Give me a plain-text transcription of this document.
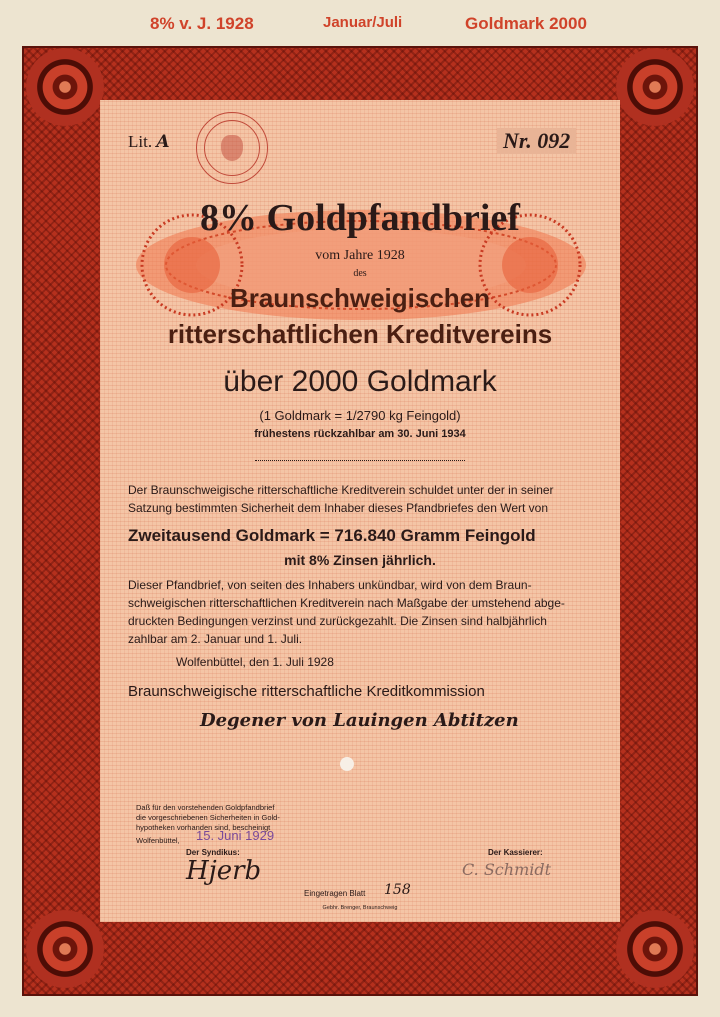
8% v. J. 1928	Januar/Juli	Goldmark 2000
Lit. A	Nr. 092
8% Goldpfandbrief
vom Jahre 1928
des
Braunschweigischen
ritterschaftlichen Kreditvereins
über 2000 Goldmark
(1 Goldmark = 1/2790 kg Feingold)
frühestens rückzahlbar am 30. Juni 1934
Der Braunschweigische ritterschaftliche Kreditverein schuldet unter der in seiner
Satzung bestimmten Sicherheit dem Inhaber dieses Pfandbriefes den Wert von
Zweitausend Goldmark = 716.840 Gramm Feingold
mit 8% Zinsen jährlich.
Dieser Pfandbrief, von seiten des Inhabers unkündbar, wird von dem Braun-
schweigischen ritterschaftlichen Kreditverein nach Maßgabe der umstehend abge-
druckten Bedingungen verzinst und zurückgezahlt. Die Zinsen sind halbjährlich
zahlbar am 2. Januar und 1. Juli.
Wolfenbüttel, den 1. Juli 1928
Braunschweigische ritterschaftliche Kreditkommission
Degener von Lauingen Abtitzen
Daß für den vorstehenden Goldpfandbrief
die vorgeschriebenen Sicherheiten in Gold-
hypotheken vorhanden sind, bescheinigt
Wolfenbüttel, 15. Juni 1929
Der Syndikus:	Der Kassierer:
Hjerb	C. Schmidt
Eingetragen Blatt 158
Gebhr. Brenger, Braunschweig
